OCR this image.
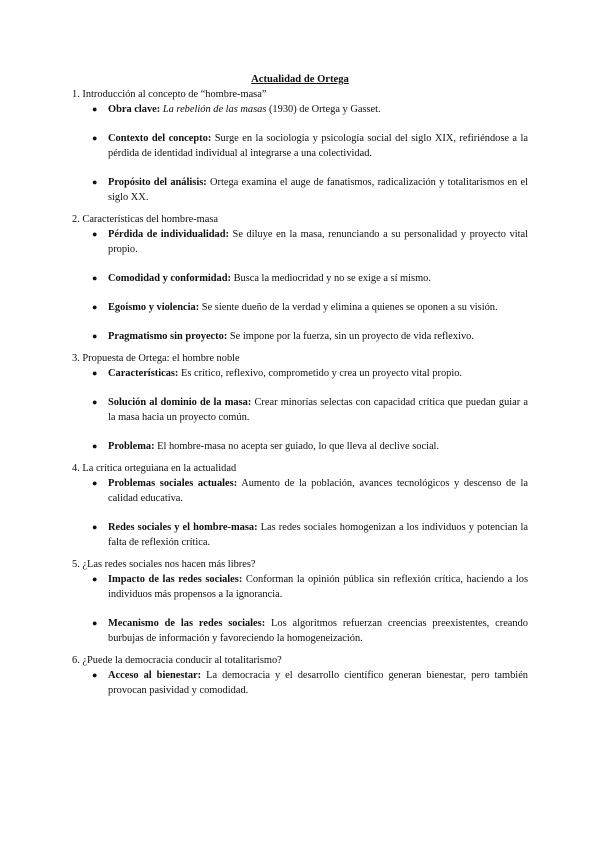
Actualidad de Ortega

1. Introducción al concepto de “hombre-masa”

● Obra clave: La rebelión de las masas (1930) de Ortega y Gasset.
● Contexto del concepto: Surge en la sociología y psicología social del siglo XIX, refiriéndose a la pérdida de identidad individual al integrarse a una colectividad.
● Propósito del análisis: Ortega examina el auge de fanatismos, radicalización y totalitarismos en el siglo XX.

2. Características del hombre-masa

● Pérdida de individualidad: Se diluye en la masa, renunciando a su personalidad y proyecto vital propio.
● Comodidad y conformidad: Busca la mediocridad y no se exige a sí mismo.
● Egoísmo y violencia: Se siente dueño de la verdad y elimina a quienes se oponen a su visión.
● Pragmatismo sin proyecto: Se impone por la fuerza, sin un proyecto de vida reflexivo.

3. Propuesta de Ortega: el hombre noble

● Características: Es crítico, reflexivo, comprometido y crea un proyecto vital propio.
● Solución al dominio de la masa: Crear minorías selectas con capacidad crítica que puedan guiar a la masa hacia un proyecto común.
● Problema: El hombre-masa no acepta ser guiado, lo que lleva al declive social.

4. La crítica orteguiana en la actualidad

● Problemas sociales actuales: Aumento de la población, avances tecnológicos y descenso de la calidad educativa.
● Redes sociales y el hombre-masa: Las redes sociales homogenizan a los individuos y potencian la falta de reflexión crítica.

5. ¿Las redes sociales nos hacen más libres?

● Impacto de las redes sociales: Conforman la opinión pública sin reflexión crítica, haciendo a los individuos más propensos a la ignorancia.
● Mecanismo de las redes sociales: Los algoritmos refuerzan creencias preexistentes, creando burbujas de información y favoreciendo la homogeneización.

6. ¿Puede la democracia conducir al totalitarismo?

● Acceso al bienestar: La democracia y el desarrollo científico generan bienestar, pero también provocan pasividad y comodidad.
